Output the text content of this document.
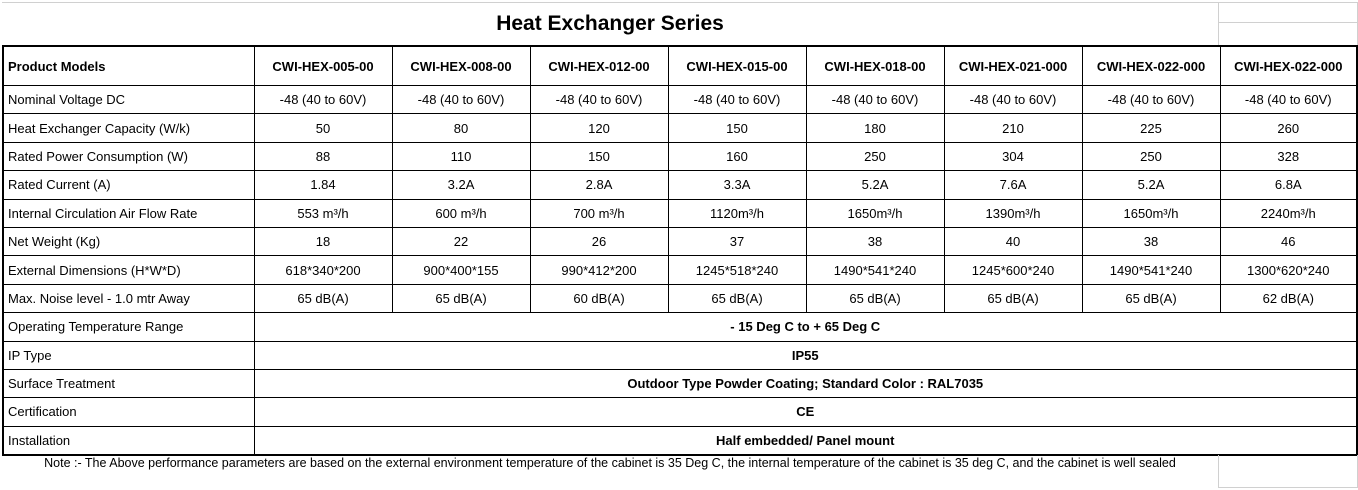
Heat Exchanger Series
Product Models	CWI-HEX-005-00	CWI-HEX-008-00	CWI-HEX-012-00	CWI-HEX-015-00	CWI-HEX-018-00	CWI-HEX-021-000	CWI-HEX-022-000	CWI-HEX-022-000
Nominal Voltage DC	-48 (40 to 60V)	-48 (40 to 60V)	-48 (40 to 60V)	-48 (40 to 60V)	-48 (40 to 60V)	-48 (40 to 60V)	-48 (40 to 60V)	-48 (40 to 60V)
Heat Exchanger Capacity (W/k)	50	80	120	150	180	210	225	260
Rated Power Consumption (W)	88	110	150	160	250	304	250	328
Rated Current (A)	1.84	3.2A	2.8A	3.3A	5.2A	7.6A	5.2A	6.8A
Internal Circulation Air Flow Rate	553 m³/h	600 m³/h	700 m³/h	1120m³/h	1650m³/h	1390m³/h	1650m³/h	2240m³/h
Net Weight (Kg)	18	22	26	37	38	40	38	46
External Dimensions (H*W*D)	618*340*200	900*400*155	990*412*200	1245*518*240	1490*541*240	1245*600*240	1490*541*240	1300*620*240
Max. Noise level - 1.0 mtr Away	65 dB(A)	65 dB(A)	60 dB(A)	65 dB(A)	65 dB(A)	65 dB(A)	65 dB(A)	62 dB(A)
Operating Temperature Range	- 15 Deg C to + 65 Deg C							
IP Type	IP55							
Surface Treatment	Outdoor Type Powder Coating; Standard Color : RAL7035							
Certification	CE							
Installation	Half embedded/ Panel mount							
Note :- The Above performance parameters are based on the external environment temperature of the cabinet is 35 Deg C, the internal temperature of the cabinet is 35 deg C, and the cabinet is well sealed
